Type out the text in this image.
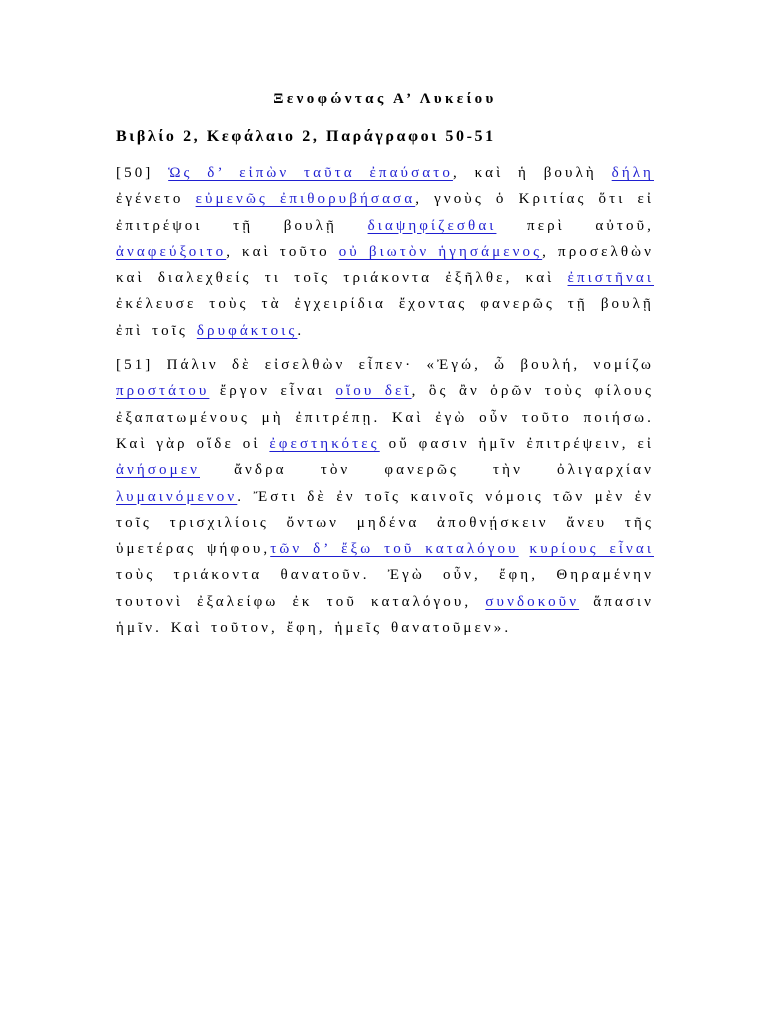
Ξενοφώντας Α’ Λυκείου
Βιβλίο 2, Κεφάλαιο 2, Παράγραφοι 50-51

[50] Ὡς δ’ εἰπὼν ταῦτα ἐπαύσατο, καὶ ἡ βουλὴ δήλη ἐγένετο εὐμενῶς ἐπιθορυβήσασα, γνοὺς ὁ Κριτίας ὅτι εἰ ἐπιτρέψοι τῇ βουλῇ διαψηφίζεσθαι περὶ αὐτοῦ, ἀναφεύξοιτο, καὶ τοῦτο οὐ βιωτὸν ἡγησάμενος, προσελθὼν καὶ διαλεχθείς τι τοῖς τριάκοντα ἐξῆλθε, καὶ ἐπιστῆναι ἐκέλευσε τοὺς τὰ ἐγχειρίδια ἔχοντας φανερῶς τῇ βουλῇ ἐπὶ τοῖς δρυφάκτοις.

[51] Πάλιν δὲ εἰσελθὼν εἶπεν· «Ἐγώ, ὦ βουλή, νομίζω προστάτου ἔργον εἶναι οἵου δεῖ, ὃς ἂν ὁρῶν τοὺς φίλους ἐξαπατωμένους μὴ ἐπιτρέπῃ. Καὶ ἐγὼ οὖν τοῦτο ποιήσω. Καὶ γὰρ οἵδε οἱ ἐφεστηκότες οὔ φασιν ἡμῖν ἐπιτρέψειν, εἰ ἀνήσομεν ἄνδρα τὸν φανερῶς τὴν ὀλιγαρχίαν λυμαινόμενον. Ἔστι δὲ ἐν τοῖς καινοῖς νόμοις τῶν μὲν ἐν τοῖς τρισχιλίοις ὄντων μηδένα ἀποθνῄσκειν ἄνευ τῆς ὑμετέρας ψήφου,τῶν δ’ ἔξω τοῦ καταλόγου κυρίους εἶναι τοὺς τριάκοντα θανατοῦν. Ἐγὼ οὖν, ἔφη, Θηραμένην τουτονὶ ἐξαλείφω ἐκ τοῦ καταλόγου, συνδοκοῦν ἅπασιν ἡμῖν. Καὶ τοῦτον, ἔφη, ἡμεῖς θανατοῦμεν».
